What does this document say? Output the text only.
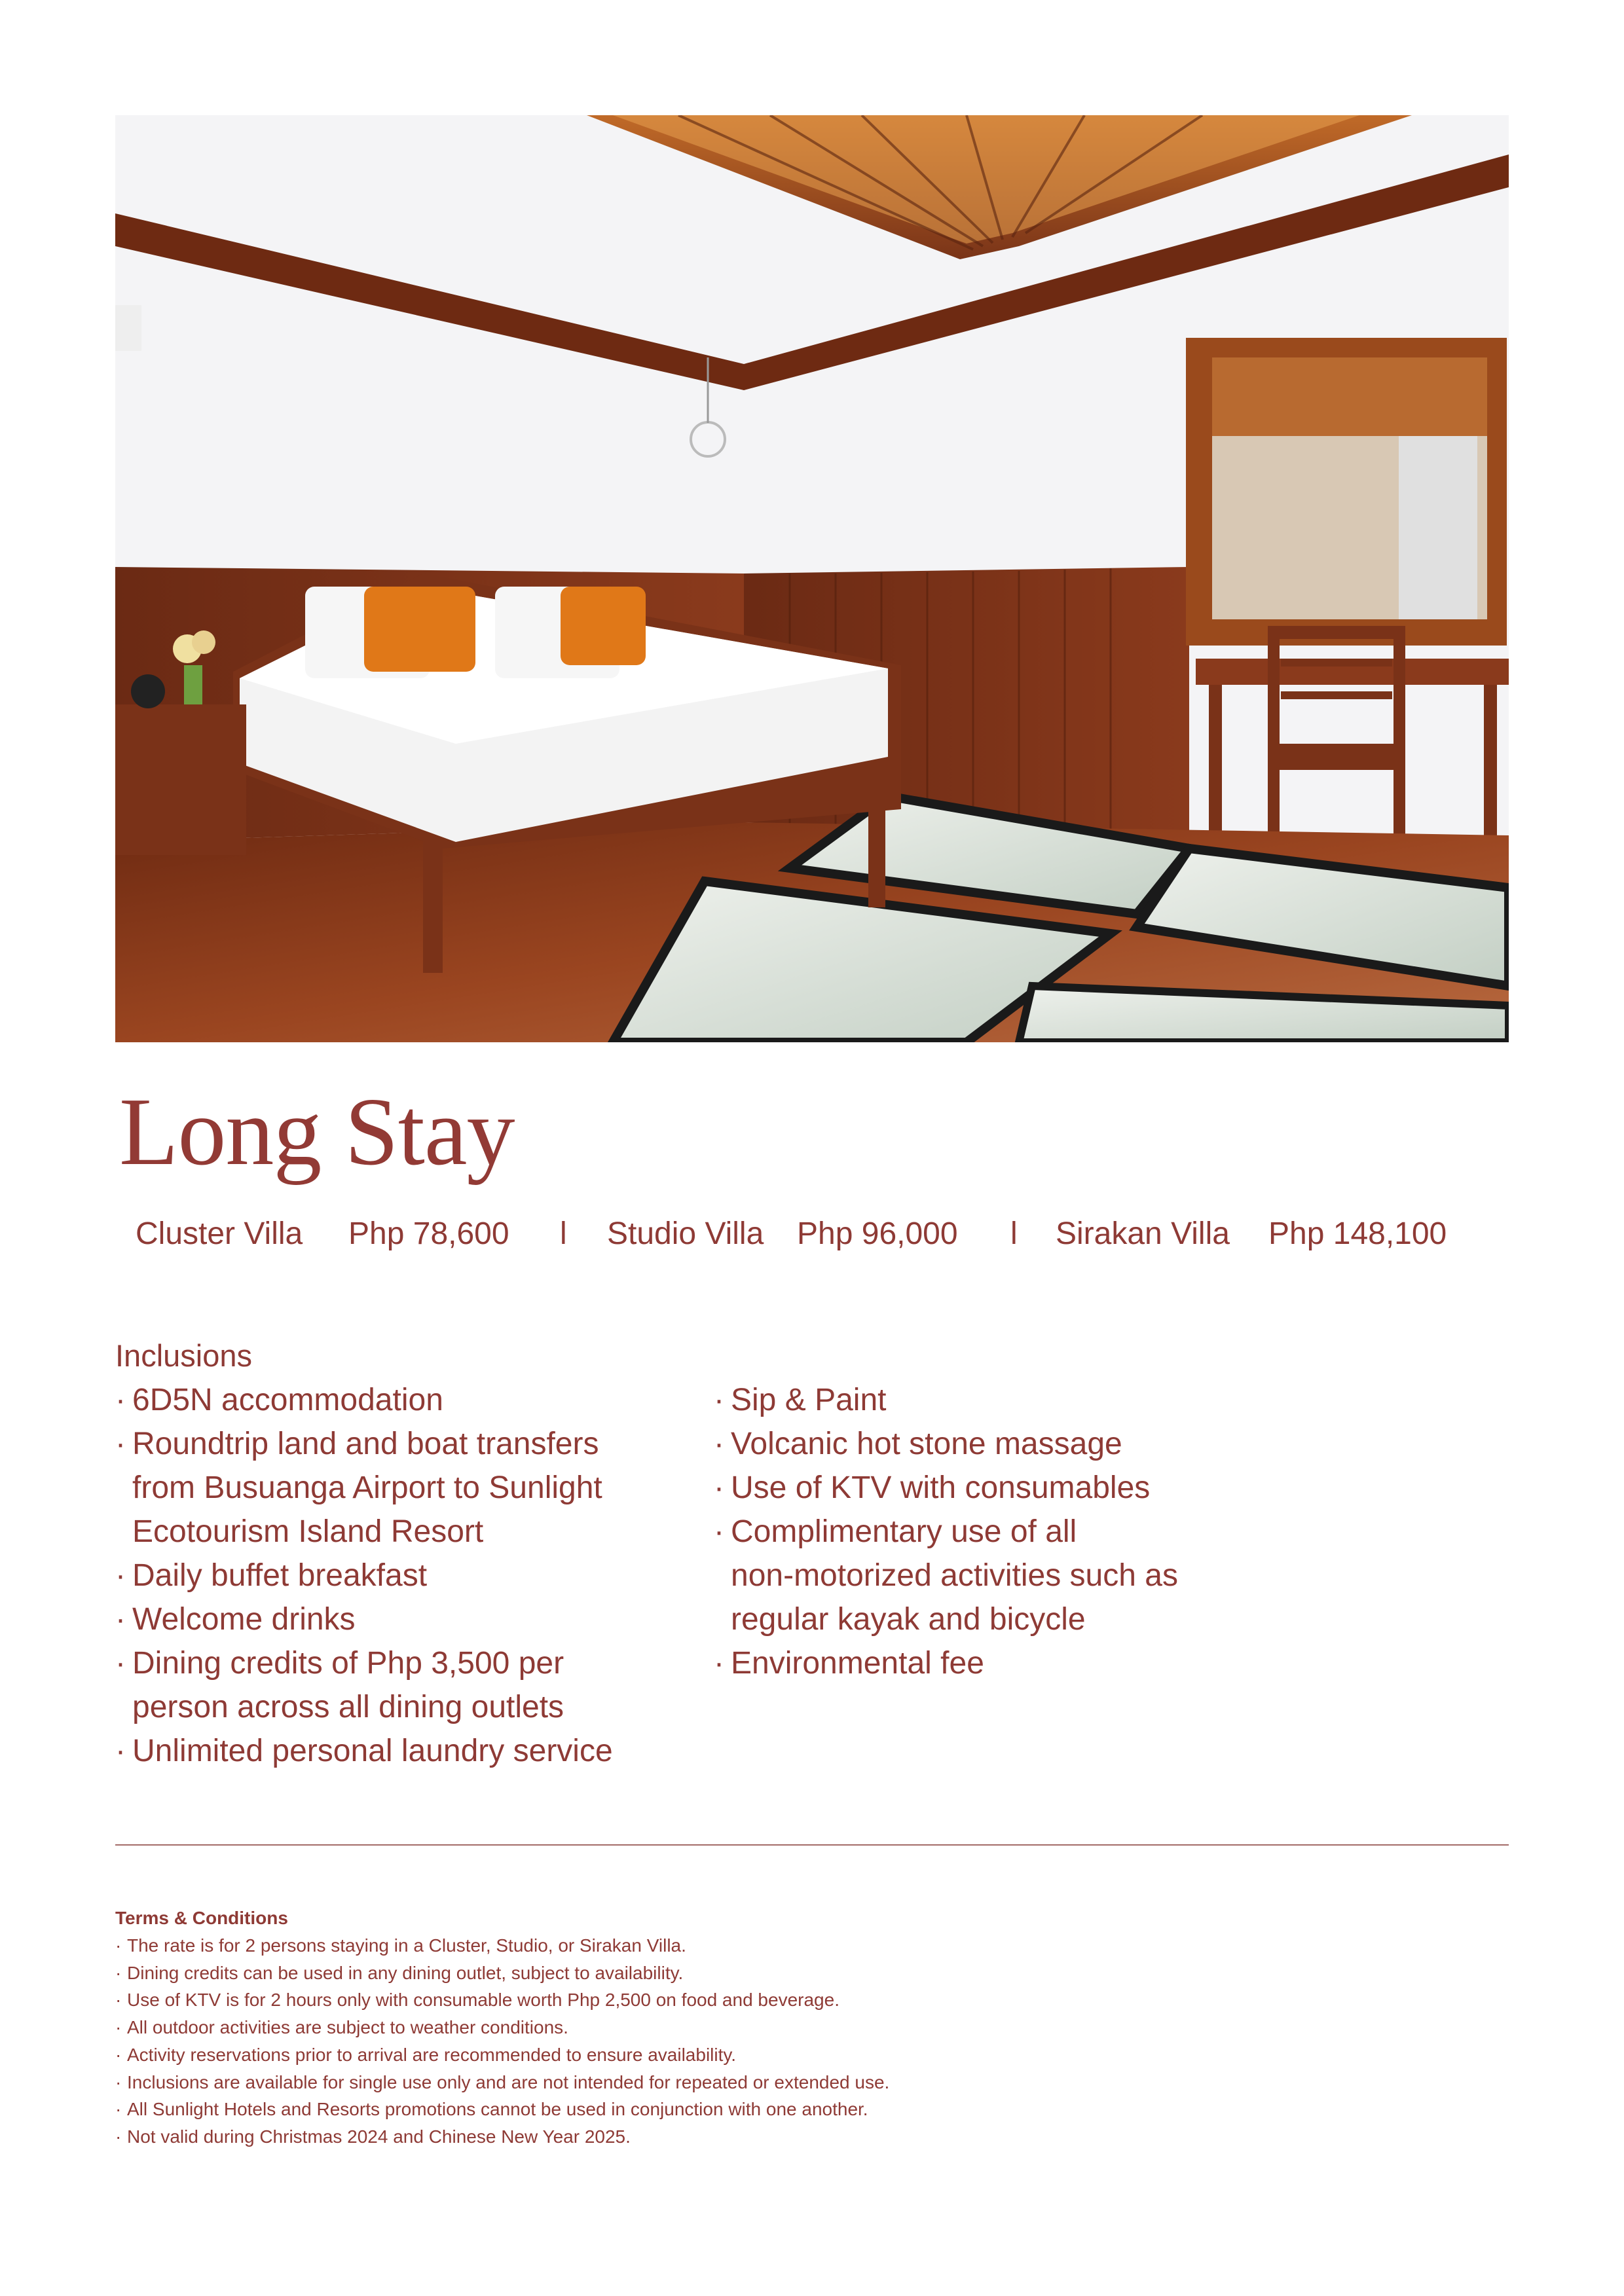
Long Stay
Cluster Villa Php 78,600 l Studio Villa Php 96,000 l Sirakan Villa Php 148,100
Inclusions
· 6D5N accommodation
· Roundtrip land and boat transfers
from Busuanga Airport to Sunlight
Ecotourism Island Resort
· Daily buffet breakfast
· Welcome drinks
· Dining credits of Php 3,500 per
person across all dining outlets
· Unlimited personal laundry service
· Sip & Paint
· Volcanic hot stone massage
· Use of KTV with consumables
· Complimentary use of all
non-motorized activities such as
regular kayak and bicycle
· Environmental fee
Terms & Conditions
· The rate is for 2 persons staying in a Cluster, Studio, or Sirakan Villa.
· Dining credits can be used in any dining outlet, subject to availability.
· Use of KTV is for 2 hours only with consumable worth Php 2,500 on food and beverage.
· All outdoor activities are subject to weather conditions.
· Activity reservations prior to arrival are recommended to ensure availability.
· Inclusions are available for single use only and are not intended for repeated or extended use.
· All Sunlight Hotels and Resorts promotions cannot be used in conjunction with one another.
· Not valid during Christmas 2024 and Chinese New Year 2025.
